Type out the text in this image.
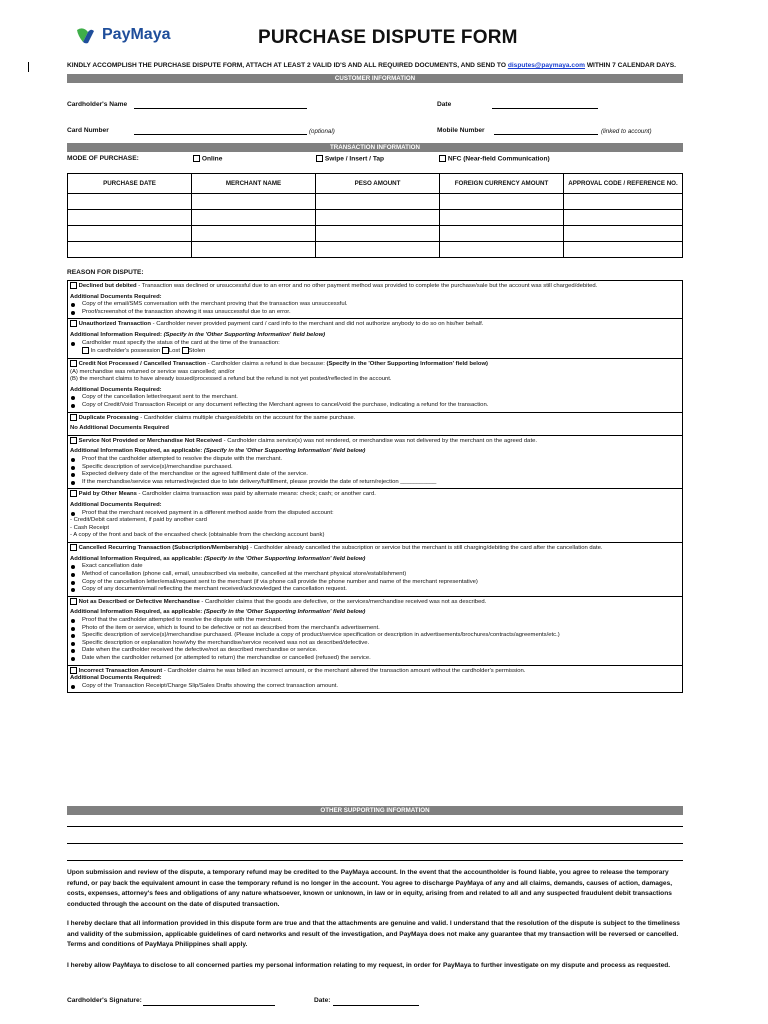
PayMaya	PURCHASE DISPUTE FORM
KINDLY ACCOMPLISH THE PURCHASE DISPUTE FORM, ATTACH AT LEAST 2 VALID ID'S AND ALL REQUIRED DOCUMENTS, AND SEND TO disputes@paymaya.com WITHIN 7 CALENDAR DAYS.
CUSTOMER INFORMATION
Cardholder's Name	Date
Card Number	(optional)	Mobile Number	(linked to account)
TRANSACTION INFORMATION
MODE OF PURCHASE:	Online	Swipe / Insert / Tap	NFC (Near-field Communication)
PURCHASE DATE	MERCHANT NAME	PESO AMOUNT	FOREIGN CURRENCY AMOUNT	APPROVAL CODE / REFERENCE NO.

REASON FOR DISPUTE:
Declined but debited - Transaction was declined or unsuccessful due to an error and no other payment method was provided to complete the purchase/sale but the account was still charged/debited.
Additional Documents Required:
Copy of the email/SMS conversation with the merchant proving that the transaction was unsuccessful.
Proof/screenshot of the transaction showing it was unsuccessful due to an error.
Unauthorized Transaction - Cardholder never provided payment card / card info to the merchant and did not authorize anybody to do so on his/her behalf.
Additional Information Required: (Specify in the 'Other Supporting Information' field below)
Cardholder must specify the status of the card at the time of the transaction:
In cardholder's possession Lost Stolen
Credit Not Processed / Cancelled Transaction - Cardholder claims a refund is due because: (Specify in the 'Other Supporting Information' field below)
(A) merchandise was returned or service was cancelled; and/or
(B) the merchant claims to have already issued/processed a refund but the refund is not yet posted/reflected in the account.
Additional Documents Required:
Copy of the cancellation letter/request sent to the merchant.
Copy of Credit/Void Transaction Receipt or any document reflecting the Merchant agrees to cancel/void the purchase, indicating a refund for the transaction.
Duplicate Processing - Cardholder claims multiple charges/debits on the account for the same purchase.
No Additional Documents Required
Service Not Provided or Merchandise Not Received - Cardholder claims service(s) was not rendered, or merchandise was not delivered by the merchant on the agreed date.
Additional Information Required, as applicable: (Specify in the 'Other Supporting Information' field below)
Proof that the cardholder attempted to resolve the dispute with the merchant.
Specific description of service(s)/merchandise purchased.
Expected delivery date of the merchandise or the agreed fulfillment date of the service.
If the merchandise/service was returned/rejected due to late delivery/fulfillment, please provide the date of return/rejection ___________
Paid by Other Means - Cardholder claims transaction was paid by alternate means: check; cash; or another card.
Additional Documents Required:
Proof that the merchant received payment in a different method aside from the disputed account:
- Credit/Debit card statement, if paid by another card
- Cash Receipt
- A copy of the front and back of the encashed check (obtainable from the checking account bank)
Cancelled Recurring Transaction (Subscription/Membership) - Cardholder already cancelled the subscription or service but the merchant is still charging/debiting the card after the cancellation date.
Additional Information Required, as applicable: (Specify in the 'Other Supporting Information' field below)
Exact cancellation date
Method of cancellation (phone call, email, unsubscribed via website, cancelled at the merchant physical store/establishment)
Copy of the cancellation letter/email/request sent to the merchant (if via phone call provide the phone number and name of the merchant representative)
Copy of any document/email reflecting the merchant received/acknowledged the cancellation request.
Not as Described or Defective Merchandise - Cardholder claims that the goods are defective, or the services/merchandise received was not as described.
Additional Information Required, as applicable: (Specify in the 'Other Supporting Information' field below)
Proof that the cardholder attempted to resolve the dispute with the merchant.
Photo of the item or service, which is found to be defective or not as described from the merchant's advertisement.
Specific description of service(s)/merchandise purchased. (Please include a copy of product/service specification or description in advertisements/brochures/contracts/agreements/etc.)
Specific description or explanation how/why the merchandise/service received was not as described/defective.
Date when the cardholder received the defective/not as described merchandise or service.
Date when the cardholder returned (or attempted to return) the merchandise or cancelled (refused) the service.
Incorrect Transaction Amount - Cardholder claims he was billed an incorrect amount, or the merchant altered the transaction amount without the cardholder's permission.
Additional Documents Required:
Copy of the Transaction Receipt/Charge Slip/Sales Drafts showing the correct transaction amount.
OTHER SUPPORTING INFORMATION
Upon submission and review of the dispute, a temporary refund may be credited to the PayMaya account. In the event that the accountholder is found liable, you agree to release the temporary refund, or pay back the equivalent amount in case the temporary refund is no longer in the account. You agree to discharge PayMaya of any and all claims, demands, causes of action, damages, costs, expenses, attorney's fees and obligations of any nature whatsoever, known or unknown, in law or in equity, arising from and related to all and any suspected fraudulent debit transactions conducted through the account on the date of disputed transaction.
I hereby declare that all information provided in this dispute form are true and that the attachments are genuine and valid. I understand that the resolution of the dispute is subject to the timeliness and validity of the submission, applicable guidelines of card networks and result of the investigation, and PayMaya does not make any guarantee that my transaction will be reversed or cancelled. Terms and conditions of PayMaya Philippines shall apply.
I hereby allow PayMaya to disclose to all concerned parties my personal information relating to my request, in order for PayMaya to further investigate on my dispute and process as requested.
Cardholder's Signature:	Date:
